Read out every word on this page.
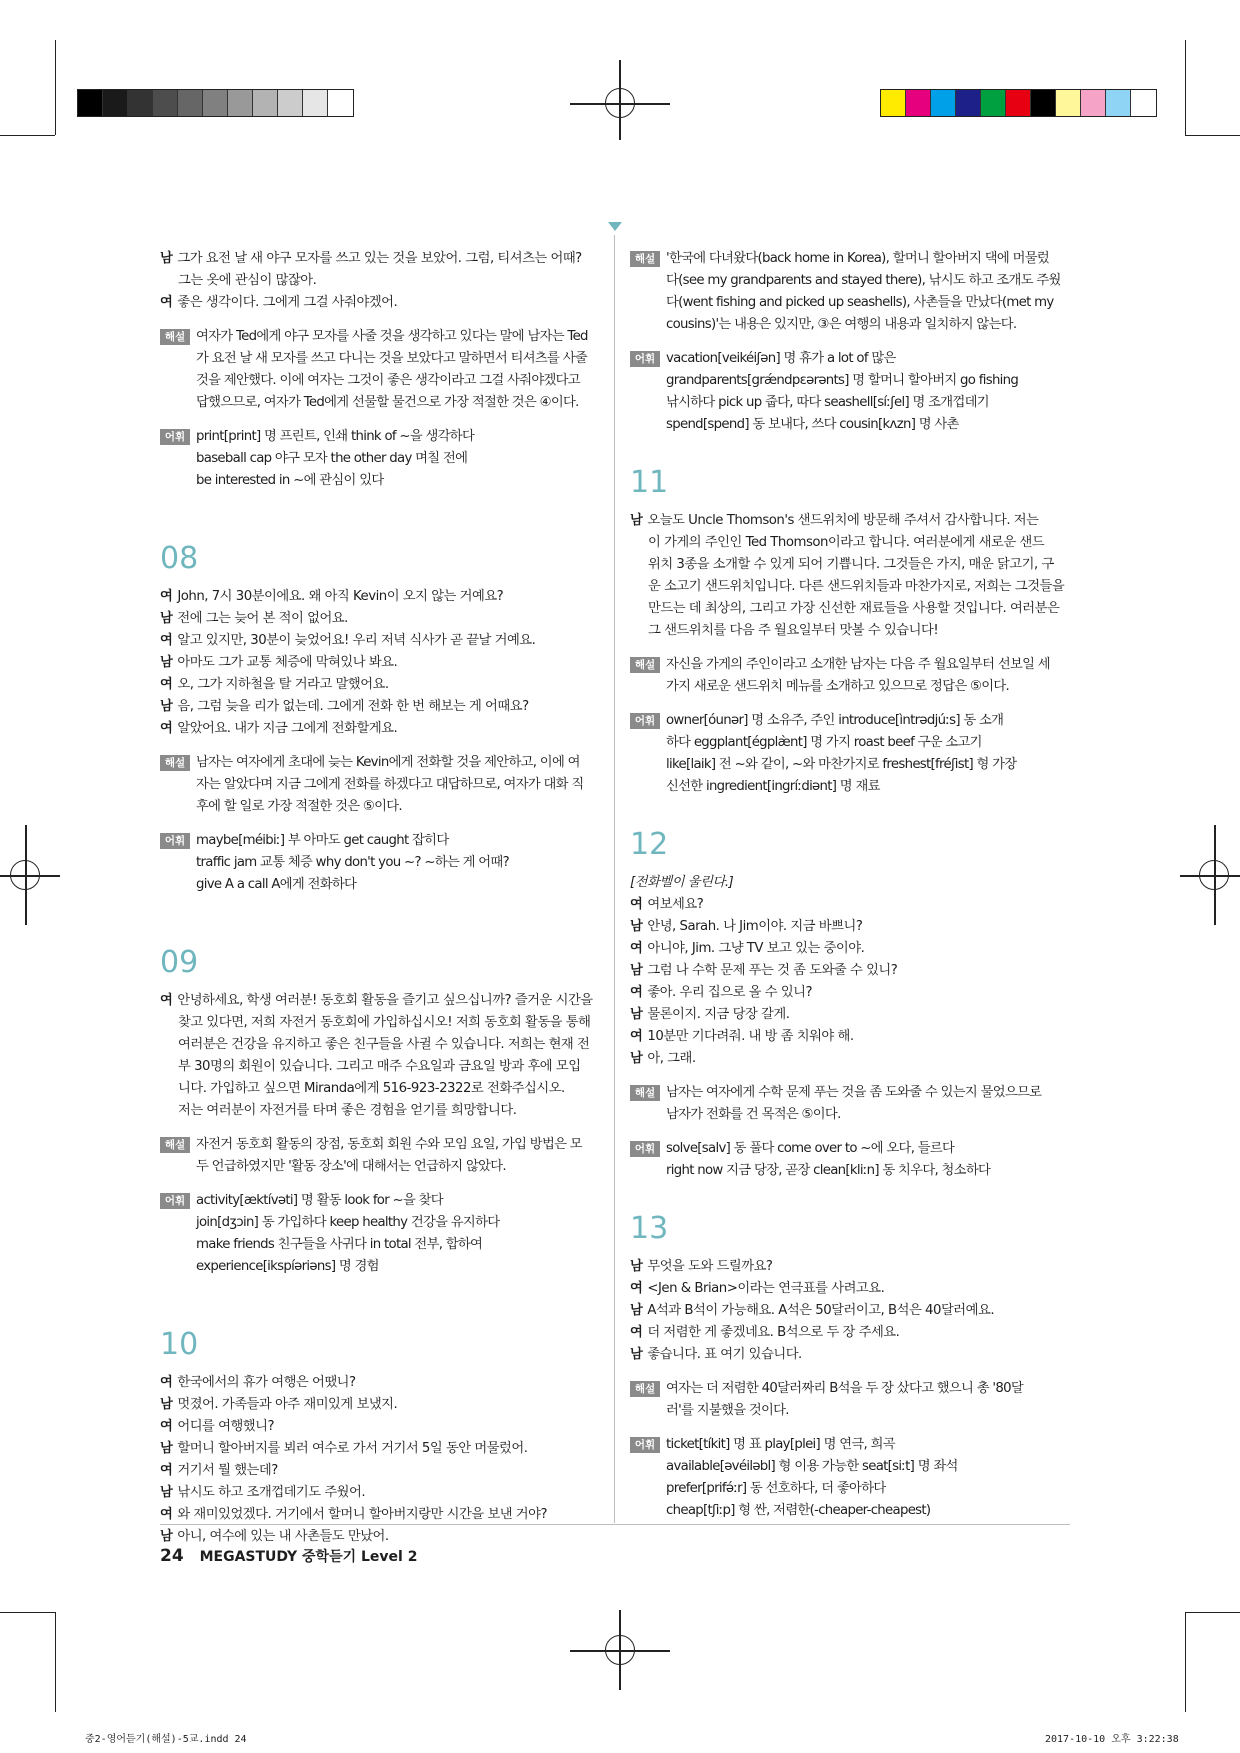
남 그가 요전 날 새 야구 모자를 쓰고 있는 것을 보았어. 그럼, 티셔츠는 어때?
그는 옷에 관심이 많잖아.
여 좋은 생각이다. 그에게 그걸 사줘야겠어.
해설 여자가 Ted에게 야구 모자를 사줄 것을 생각하고 있다는 말에 남자는 Ted
가 요전 날 새 모자를 쓰고 다니는 것을 보았다고 말하면서 티셔츠를 사줄
것을 제안했다. 이에 여자는 그것이 좋은 생각이라고 그걸 사줘야겠다고
답했으므로, 여자가 Ted에게 선물할 물건으로 가장 적절한 것은 ④이다.
어휘 print[print] 명 프린트, 인쇄 think of ~을 생각하다
baseball cap 야구 모자 the other day 며칠 전에
be interested in ~에 관심이 있다
08
여 John, 7시 30분이에요. 왜 아직 Kevin이 오지 않는 거예요?
남 전에 그는 늦어 본 적이 없어요.
여 알고 있지만, 30분이 늦었어요! 우리 저녁 식사가 곧 끝날 거예요.
남 아마도 그가 교통 체증에 막혀있나 봐요.
여 오, 그가 지하철을 탈 거라고 말했어요.
남 음, 그럼 늦을 리가 없는데. 그에게 전화 한 번 해보는 게 어때요?
여 알았어요. 내가 지금 그에게 전화할게요.
해설 남자는 여자에게 초대에 늦는 Kevin에게 전화할 것을 제안하고, 이에 여
자는 알았다며 지금 그에게 전화를 하겠다고 대답하므로, 여자가 대화 직
후에 할 일로 가장 적절한 것은 ⑤이다.
어휘 maybe[méibiː] 부 아마도 get caught 잡히다
traffic jam 교통 체증 why don't you ~? ~하는 게 어때?
give A a call A에게 전화하다
09
여 안녕하세요, 학생 여러분! 동호회 활동을 즐기고 싶으십니까? 즐거운 시간을
찾고 있다면, 저희 자전거 동호회에 가입하십시오! 저희 동호회 활동을 통해
여러분은 건강을 유지하고 좋은 친구들을 사귈 수 있습니다. 저희는 현재 전
부 30명의 회원이 있습니다. 그리고 매주 수요일과 금요일 방과 후에 모입
니다. 가입하고 싶으면 Miranda에게 516-923-2322로 전화주십시오.
저는 여러분이 자전거를 타며 좋은 경험을 얻기를 희망합니다.
해설 자전거 동호회 활동의 장점, 동호회 회원 수와 모임 요일, 가입 방법은 모
두 언급하였지만 '활동 장소'에 대해서는 언급하지 않았다.
어휘 activity[æktívəti] 명 활동 look for ~을 찾다
join[dʒɔin] 동 가입하다 keep healthy 건강을 유지하다
make friends 친구들을 사귀다 in total 전부, 합하여
experience[ikspíəriəns] 명 경험
10
여 한국에서의 휴가 여행은 어땠니?
남 멋졌어. 가족들과 아주 재미있게 보냈지.
여 어디를 여행했니?
남 할머니 할아버지를 뵈러 여수로 가서 거기서 5일 동안 머물렀어.
여 거기서 뭘 했는데?
남 낚시도 하고 조개껍데기도 주웠어.
여 와 재미있었겠다. 거기에서 할머니 할아버지랑만 시간을 보낸 거야?
남 아니, 여수에 있는 내 사촌들도 만났어.
해설 '한국에 다녀왔다(back home in Korea), 할머니 할아버지 댁에 머물렀
다(see my grandparents and stayed there), 낚시도 하고 조개도 주웠
다(went fishing and picked up seashells), 사촌들을 만났다(met my
cousins)'는 내용은 있지만, ③은 여행의 내용과 일치하지 않는다.
어휘 vacation[veikéiʃən] 명 휴가 a lot of 많은
grandparents[grǽndpɛərənts] 명 할머니 할아버지 go fishing
낚시하다 pick up 줍다, 따다 seashell[síːʃel] 명 조개껍데기
spend[spend] 동 보내다, 쓰다 cousin[kʌzn] 명 사촌
11
남 오늘도 Uncle Thomson's 샌드위치에 방문해 주셔서 감사합니다. 저는
이 가게의 주인인 Ted Thomson이라고 합니다. 여러분에게 새로운 샌드
위치 3종을 소개할 수 있게 되어 기쁩니다. 그것들은 가지, 매운 닭고기, 구
운 소고기 샌드위치입니다. 다른 샌드위치들과 마찬가지로, 저희는 그것들을
만드는 데 최상의, 그리고 가장 신선한 재료들을 사용할 것입니다. 여러분은
그 샌드위치를 다음 주 월요일부터 맛볼 수 있습니다!
해설 자신을 가게의 주인이라고 소개한 남자는 다음 주 월요일부터 선보일 세
가지 새로운 샌드위치 메뉴를 소개하고 있으므로 정답은 ⑤이다.
어휘 owner[óunər] 명 소유주, 주인 introduce[ìntrədjúːs] 동 소개
하다 eggplant[égplæ̀nt] 명 가지 roast beef 구운 소고기
like[laik] 전 ~와 같이, ~와 마찬가지로 freshest[fréʃist] 형 가장
신선한 ingredient[ingríːdiənt] 명 재료
12
[전화벨이 울린다.]
여 여보세요?
남 안녕, Sarah. 나 Jim이야. 지금 바쁘니?
여 아니야, Jim. 그냥 TV 보고 있는 중이야.
남 그럼 나 수학 문제 푸는 것 좀 도와줄 수 있니?
여 좋아. 우리 집으로 올 수 있니?
남 물론이지. 지금 당장 갈게.
여 10분만 기다려줘. 내 방 좀 치워야 해.
남 아, 그래.
해설 남자는 여자에게 수학 문제 푸는 것을 좀 도와줄 수 있는지 물었으므로
남자가 전화를 건 목적은 ⑤이다.
어휘 solve[salv] 동 풀다 come over to ~에 오다, 들르다
right now 지금 당장, 곧장 clean[kliːn] 동 치우다, 청소하다
13
남 무엇을 도와 드릴까요?
여 <Jen & Brian>이라는 연극표를 사려고요.
남 A석과 B석이 가능해요. A석은 50달러이고, B석은 40달러예요.
여 더 저렴한 게 좋겠네요. B석으로 두 장 주세요.
남 좋습니다. 표 여기 있습니다.
해설 여자는 더 저렴한 40달러짜리 B석을 두 장 샀다고 했으니 총 '80달
러'를 지불했을 것이다.
어휘 ticket[tíkit] 명 표 play[plei] 명 연극, 희곡
available[əvéiləbl] 형 이용 가능한 seat[siːt] 명 좌석
prefer[prifə́ːr] 동 선호하다, 더 좋아하다
cheap[tʃiːp] 형 싼, 저렴한(-cheaper-cheapest)
24 MEGASTUDY 중학듣기 Level 2
중2-영어듣기(해설)-5교.indd 24	2017-10-10 오후 3:22:38
